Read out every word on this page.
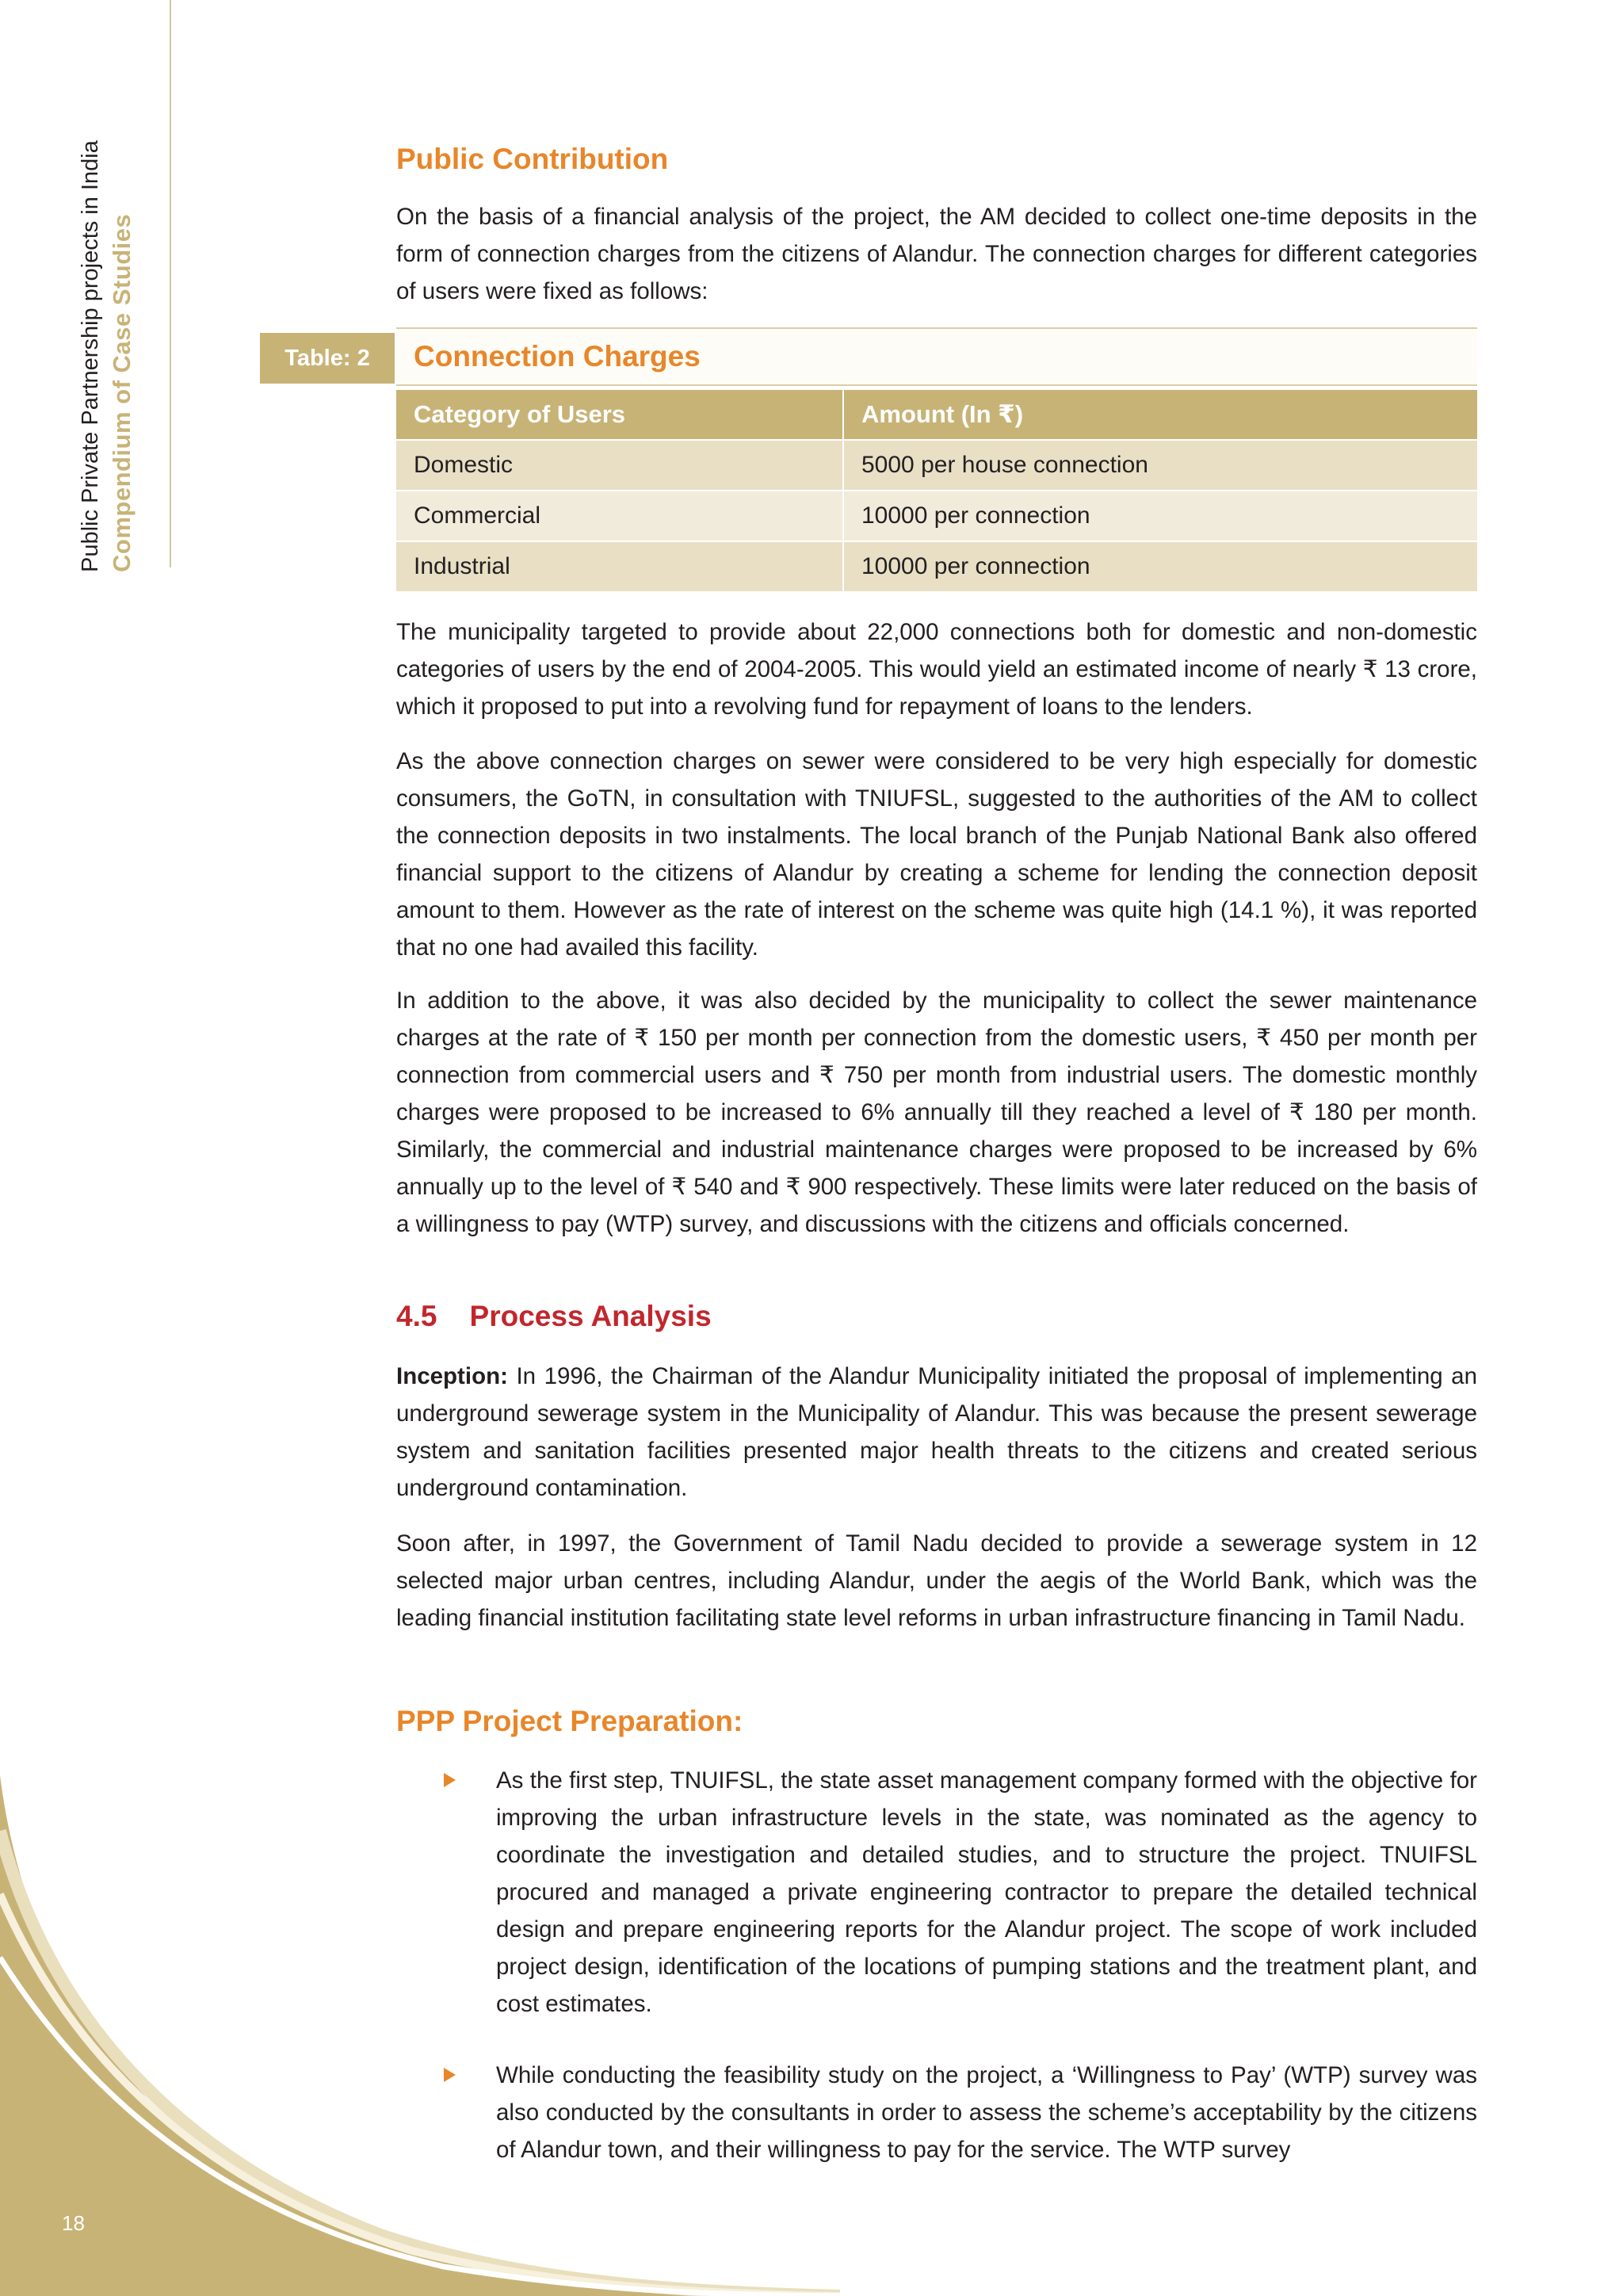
Public Private Partnership projects in India Compendium of Case Studies
18
Public Contribution

On the basis of a financial analysis of the project, the AM decided to collect one-time deposits in the form of connection charges from the citizens of Alandur. The connection charges for different categories of users were fixed as follows:

Table: 2	Connection Charges
Category of Users	Amount (In ₹)
Domestic	5000 per house connection
Commercial	10000 per connection
Industrial	10000 per connection

The municipality targeted to provide about 22,000 connections both for domestic and non-domestic categories of users by the end of 2004-2005. This would yield an estimated income of nearly ₹ 13 crore, which it proposed to put into a revolving fund for repayment of loans to the lenders.

As the above connection charges on sewer were considered to be very high especially for domestic consumers, the GoTN, in consultation with TNIUFSL, suggested to the authorities of the AM to collect the connection deposits in two instalments. The local branch of the Punjab National Bank also offered financial support to the citizens of Alandur by creating a scheme for lending the connection deposit amount to them. However as the rate of interest on the scheme was quite high (14.1 %), it was reported that no one had availed this facility.

In addition to the above, it was also decided by the municipality to collect the sewer maintenance charges at the rate of ₹ 150 per month per connection from the domestic users, ₹ 450 per month per connection from commercial users and ₹ 750 per month from industrial users. The domestic monthly charges were proposed to be increased to 6% annually till they reached a level of ₹ 180 per month. Similarly, the commercial and industrial maintenance charges were proposed to be increased by 6% annually up to the level of ₹ 540 and ₹ 900 respectively. These limits were later reduced on the basis of a willingness to pay (WTP) survey, and discussions with the citizens and officials concerned.

4.5    Process Analysis

Inception: In 1996, the Chairman of the Alandur Municipality initiated the proposal of implementing an underground sewerage system in the Municipality of Alandur. This was because the present sewerage system and sanitation facilities presented major health threats to the citizens and created serious underground contamination.

Soon after, in 1997, the Government of Tamil Nadu decided to provide a sewerage system in 12 selected major urban centres, including Alandur, under the aegis of the World Bank, which was the leading financial institution facilitating state level reforms in urban infrastructure financing in Tamil Nadu.

PPP Project Preparation:

As the first step, TNUIFSL, the state asset management company formed with the objective for improving the urban infrastructure levels in the state, was nominated as the agency to coordinate the investigation and detailed studies, and to structure the project. TNUIFSL procured and managed a private engineering contractor to prepare the detailed technical design and prepare engineering reports for the Alandur project. The scope of work included project design, identification of the locations of pumping stations and the treatment plant, and cost estimates.

While conducting the feasibility study on the project, a ‘Willingness to Pay’ (WTP) survey was also conducted by the consultants in order to assess the scheme’s acceptability by the citizens of Alandur town, and their willingness to pay for the service. The WTP survey
